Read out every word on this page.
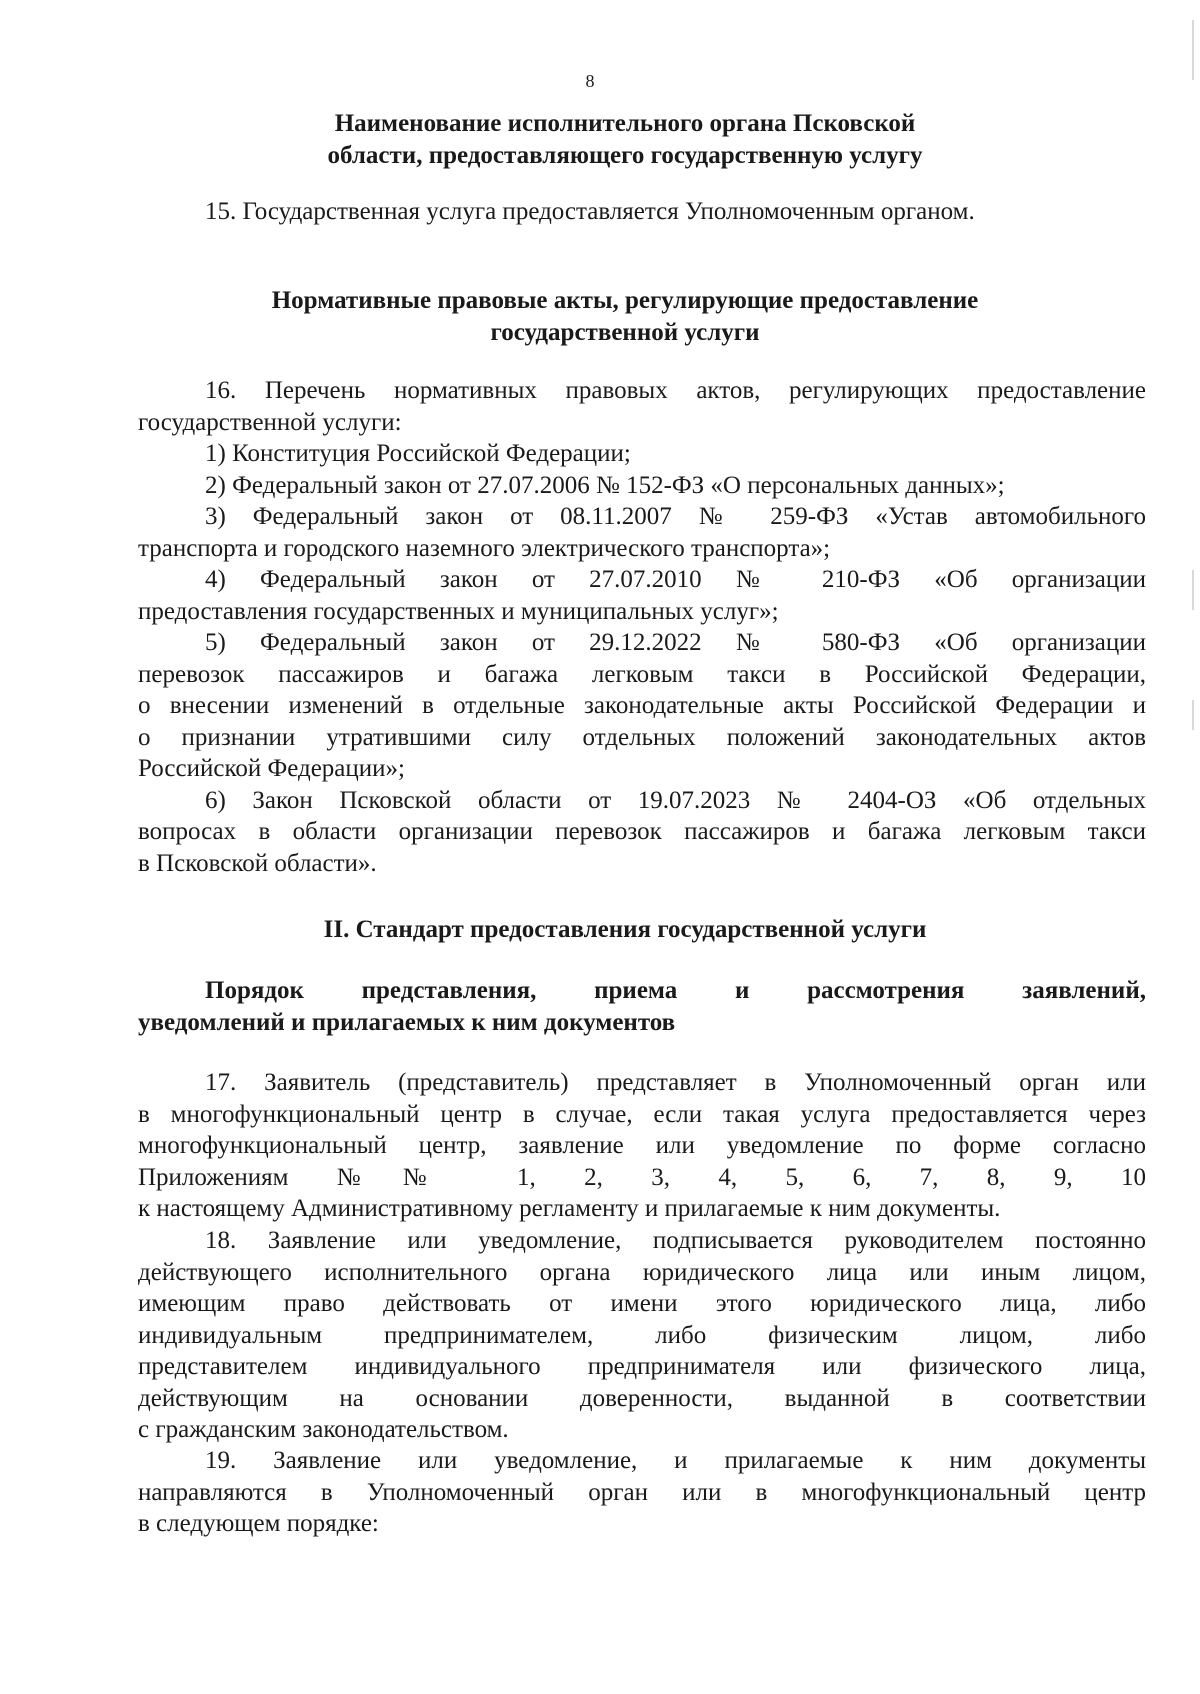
8
Наименование исполнительного органа Псковской
области, предоставляющего государственную услугу
15. Государственная услуга предоставляется Уполномоченным органом.
Нормативные правовые акты, регулирующие предоставление
государственной услуги
16. Перечень нормативных правовых актов, регулирующих предоставление
государственной услуги:
1) Конституция Российской Федерации;
2) Федеральный закон от 27.07.2006 № 152-ФЗ «О персональных данных»;
3) Федеральный закон от 08.11.2007 № 259-ФЗ «Устав автомобильного
транспорта и городского наземного электрического транспорта»;
4) Федеральный закон от 27.07.2010 № 210-ФЗ «Об организации
предоставления государственных и муниципальных услуг»;
5) Федеральный закон от 29.12.2022 № 580-ФЗ «Об организации
перевозок пассажиров и багажа легковым такси в Российской Федерации,
о внесении изменений в отдельные законодательные акты Российской Федерации и
о признании утратившими силу отдельных положений законодательных актов
Российской Федерации»;
6) Закон Псковской области от 19.07.2023 № 2404-ОЗ «Об отдельных
вопросах в области организации перевозок пассажиров и багажа легковым такси
в Псковской области».
II. Стандарт предоставления государственной услуги
Порядок представления, приема и рассмотрения заявлений,
уведомлений и прилагаемых к ним документов
17. Заявитель (представитель) представляет в Уполномоченный орган или
в многофункциональный центр в случае, если такая услуга предоставляется через
многофункциональный центр, заявление или уведомление по форме согласно
Приложениям №№ 1, 2, 3, 4, 5, 6, 7, 8, 9, 10
к настоящему Административному регламенту и прилагаемые к ним документы.
18. Заявление или уведомление, подписывается руководителем постоянно
действующего исполнительного органа юридического лица или иным лицом,
имеющим право действовать от имени этого юридического лица, либо
индивидуальным предпринимателем, либо физическим лицом, либо
представителем индивидуального предпринимателя или физического лица,
действующим на основании доверенности, выданной в соответствии
с гражданским законодательством.
19. Заявление или уведомление, и прилагаемые к ним документы
направляются в Уполномоченный орган или в многофункциональный центр
в следующем порядке:
